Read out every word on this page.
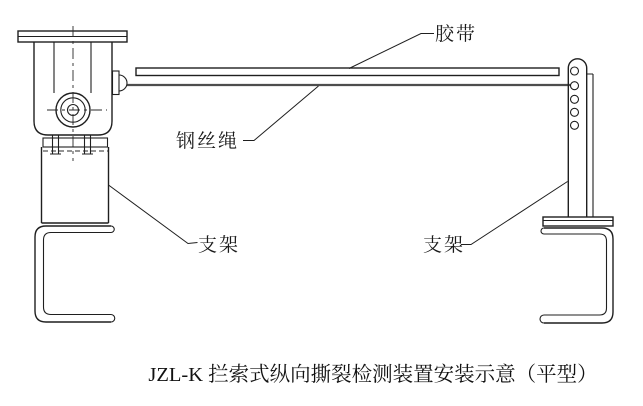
胶带
钢丝绳
支架	支架
JZL-K 拦索式纵向撕裂检测装置安装示意（平型）
